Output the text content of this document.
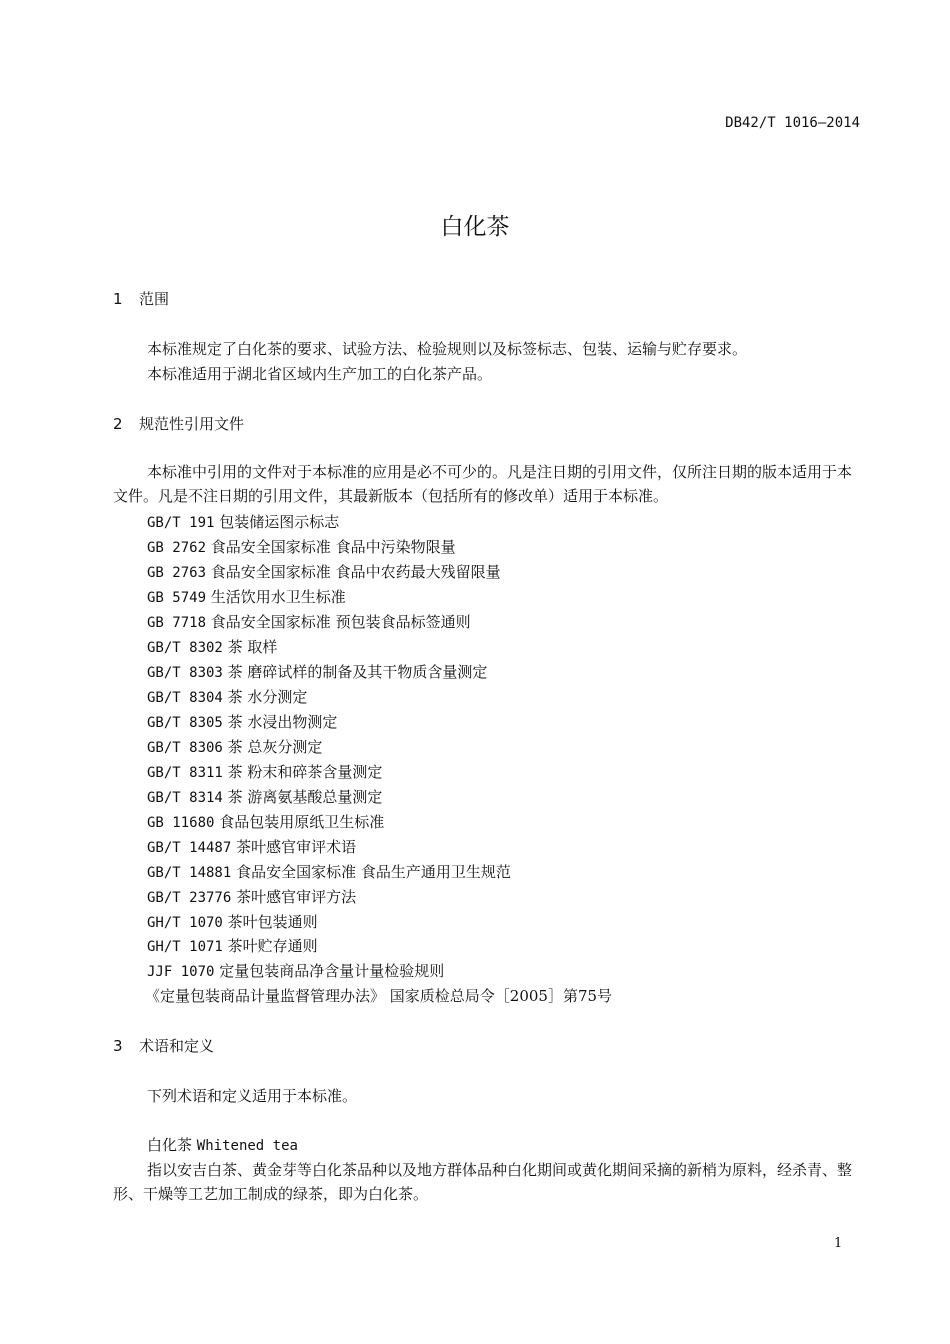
DB42/T 1016—2014
白化茶
1 范围
本标准规定了白化茶的要求、试验方法、检验规则以及标签标志、包装、运输与贮存要求。
本标准适用于湖北省区域内生产加工的白化茶产品。
2 规范性引用文件
本标准中引用的文件对于本标准的应用是必不可少的。凡是注日期的引用文件，仅所注日期的版本适用于本文件。凡是不注日期的引用文件，其最新版本（包括所有的修改单）适用于本标准。
GB/T 191 包装储运图示标志
GB 2762 食品安全国家标准 食品中污染物限量
GB 2763 食品安全国家标准 食品中农药最大残留限量
GB 5749 生活饮用水卫生标准
GB 7718 食品安全国家标准 预包装食品标签通则
GB/T 8302 茶 取样
GB/T 8303 茶 磨碎试样的制备及其干物质含量测定
GB/T 8304 茶 水分测定
GB/T 8305 茶 水浸出物测定
GB/T 8306 茶 总灰分测定
GB/T 8311 茶 粉末和碎茶含量测定
GB/T 8314 茶 游离氨基酸总量测定
GB 11680 食品包装用原纸卫生标准
GB/T 14487 茶叶感官审评术语
GB/T 14881 食品安全国家标准 食品生产通用卫生规范
GB/T 23776 茶叶感官审评方法
GH/T 1070 茶叶包装通则
GH/T 1071 茶叶贮存通则
JJF 1070 定量包装商品净含量计量检验规则
《定量包装商品计量监督管理办法》 国家质检总局令［2005］第75号
3 术语和定义
下列术语和定义适用于本标准。
白化茶 Whitened tea
指以安吉白茶、黄金芽等白化茶品种以及地方群体品种白化期间或黄化期间采摘的新梢为原料，经杀青、整形、干燥等工艺加工制成的绿茶，即为白化茶。
1
